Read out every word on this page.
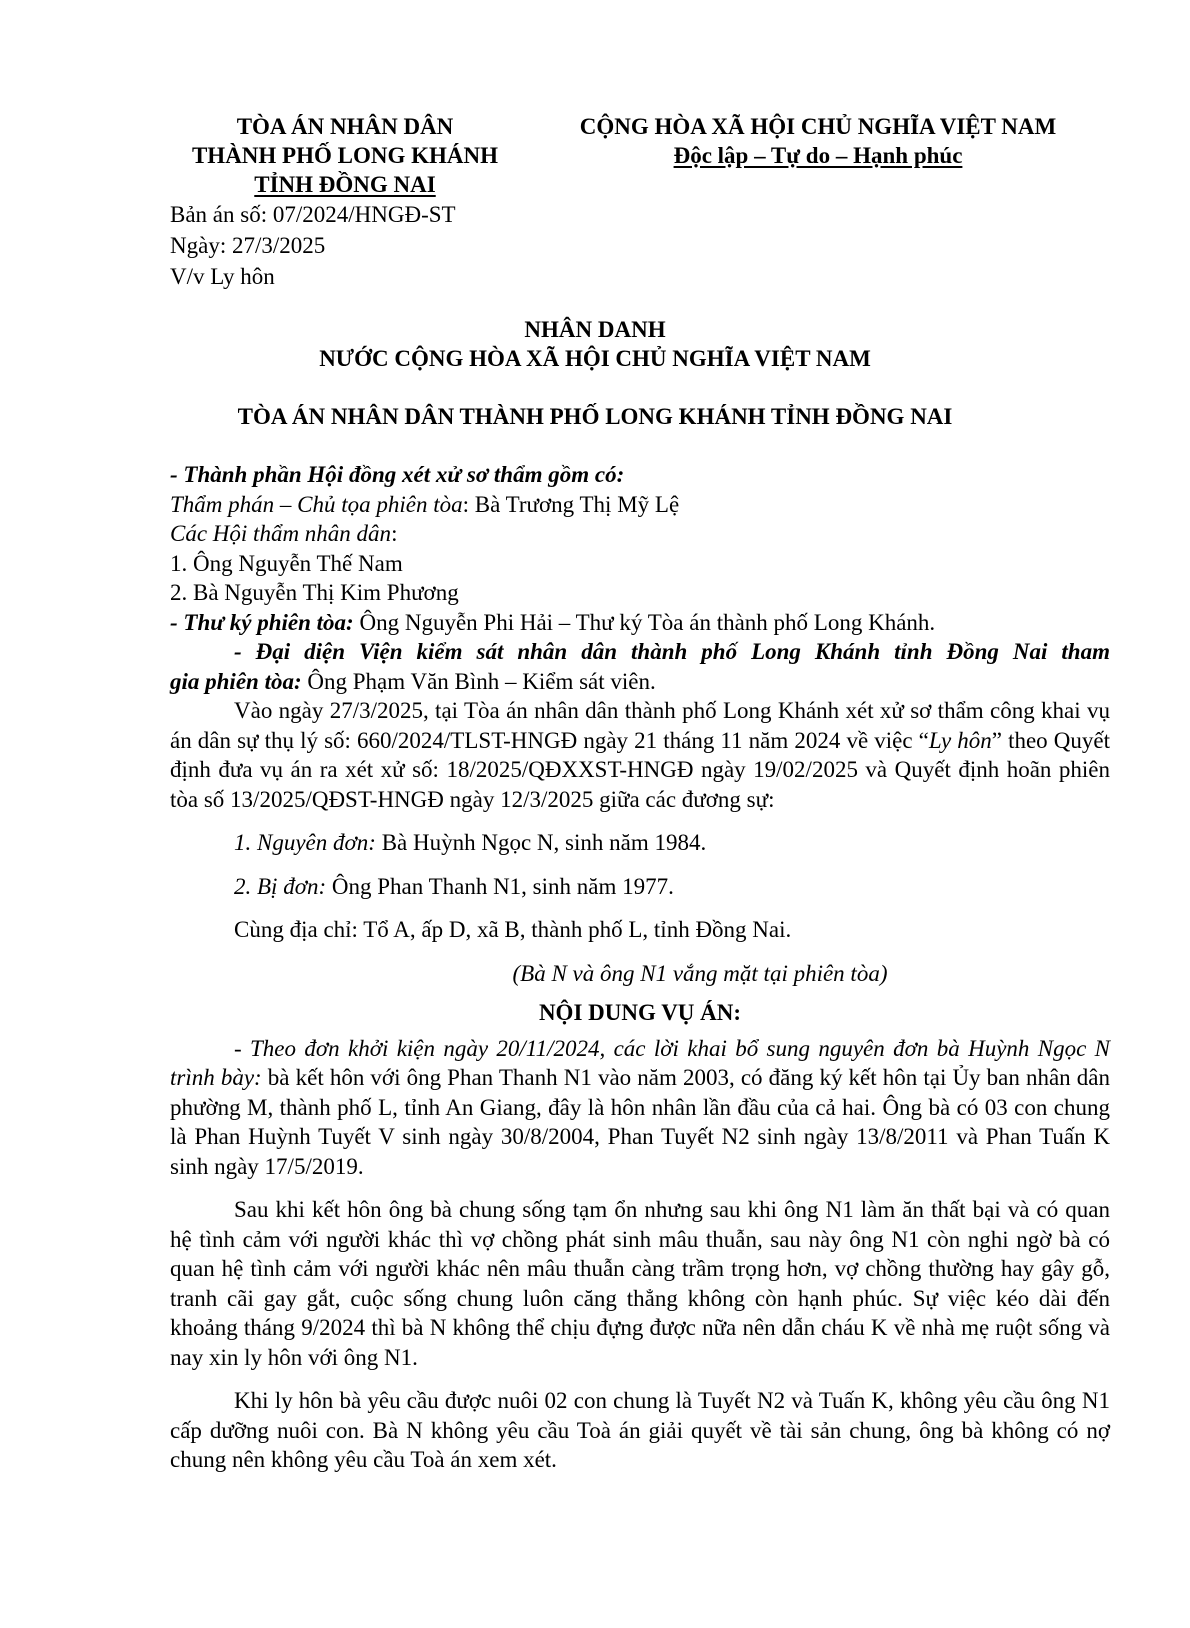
TÒA ÁN NHÂN DÂN
THÀNH PHỐ LONG KHÁNH
TỈNH ĐỒNG NAI
CỘNG HÒA XÃ HỘI CHỦ NGHĨA VIỆT NAM
Độc lập – Tự do – Hạnh phúc
Bản án số: 07/2024/HNGĐ-ST
Ngày: 27/3/2025
V/v Ly hôn
NHÂN DANH
NƯỚC CỘNG HÒA XÃ HỘI CHỦ NGHĨA VIỆT NAM
TÒA ÁN NHÂN DÂN THÀNH PHỐ LONG KHÁNH TỈNH ĐỒNG NAI

- Thành phần Hội đồng xét xử sơ thẩm gồm có:

Thẩm phán – Chủ tọa phiên tòa: Bà Trương Thị Mỹ Lệ

Các Hội thẩm nhân dân:

1. Ông Nguyễn Thế Nam

2. Bà Nguyễn Thị Kim Phương

- Thư ký phiên tòa: Ông Nguyễn Phi Hải – Thư ký Tòa án thành phố Long Khánh.

- Đại diện Viện kiểm sát nhân dân thành phố Long Khánh tỉnh Đồng Nai tham

gia phiên tòa: Ông Phạm Văn Bình – Kiểm sát viên.

Vào ngày 27/3/2025, tại Tòa án nhân dân thành phố Long Khánh xét xử sơ thẩm công khai vụ án dân sự thụ lý số: 660/2024/TLST-HNGĐ ngày 21 tháng 11 năm 2024 về việc “Ly hôn” theo Quyết định đưa vụ án ra xét xử số: 18/2025/QĐXXST-HNGĐ ngày 19/02/2025 và Quyết định hoãn phiên tòa số 13/2025/QĐST-HNGĐ ngày 12/3/2025 giữa các đương sự:

1. Nguyên đơn: Bà Huỳnh Ngọc N, sinh năm 1984.

2. Bị đơn: Ông Phan Thanh N1, sinh năm 1977.

Cùng địa chỉ: Tổ A, ấp D, xã B, thành phố L, tỉnh Đồng Nai.

(Bà N và ông N1 vắng mặt tại phiên tòa)

NỘI DUNG VỤ ÁN:

- Theo đơn khởi kiện ngày 20/11/2024, các lời khai bổ sung nguyên đơn bà Huỳnh Ngọc N trình bày: bà kết hôn với ông Phan Thanh N1 vào năm 2003, có đăng ký kết hôn tại Ủy ban nhân dân phường M, thành phố L, tỉnh An Giang, đây là hôn nhân lần đầu của cả hai. Ông bà có 03 con chung là Phan Huỳnh Tuyết V sinh ngày 30/8/2004, Phan Tuyết N2 sinh ngày 13/8/2011 và Phan Tuấn K sinh ngày 17/5/2019.

Sau khi kết hôn ông bà chung sống tạm ổn nhưng sau khi ông N1 làm ăn thất bại và có quan hệ tình cảm với người khác thì vợ chồng phát sinh mâu thuẫn, sau này ông N1 còn nghi ngờ bà có quan hệ tình cảm với người khác nên mâu thuẫn càng trầm trọng hơn, vợ chồng thường hay gây gỗ, tranh cãi gay gắt, cuộc sống chung luôn căng thẳng không còn hạnh phúc. Sự việc kéo dài đến khoảng tháng 9/2024 thì bà N không thể chịu đựng được nữa nên dẫn cháu K về nhà mẹ ruột sống và nay xin ly hôn với ông N1.

Khi ly hôn bà yêu cầu được nuôi 02 con chung là Tuyết N2 và Tuấn K, không yêu cầu ông N1 cấp dưỡng nuôi con. Bà N không yêu cầu Toà án giải quyết về tài sản chung, ông bà không có nợ chung nên không yêu cầu Toà án xem xét.
